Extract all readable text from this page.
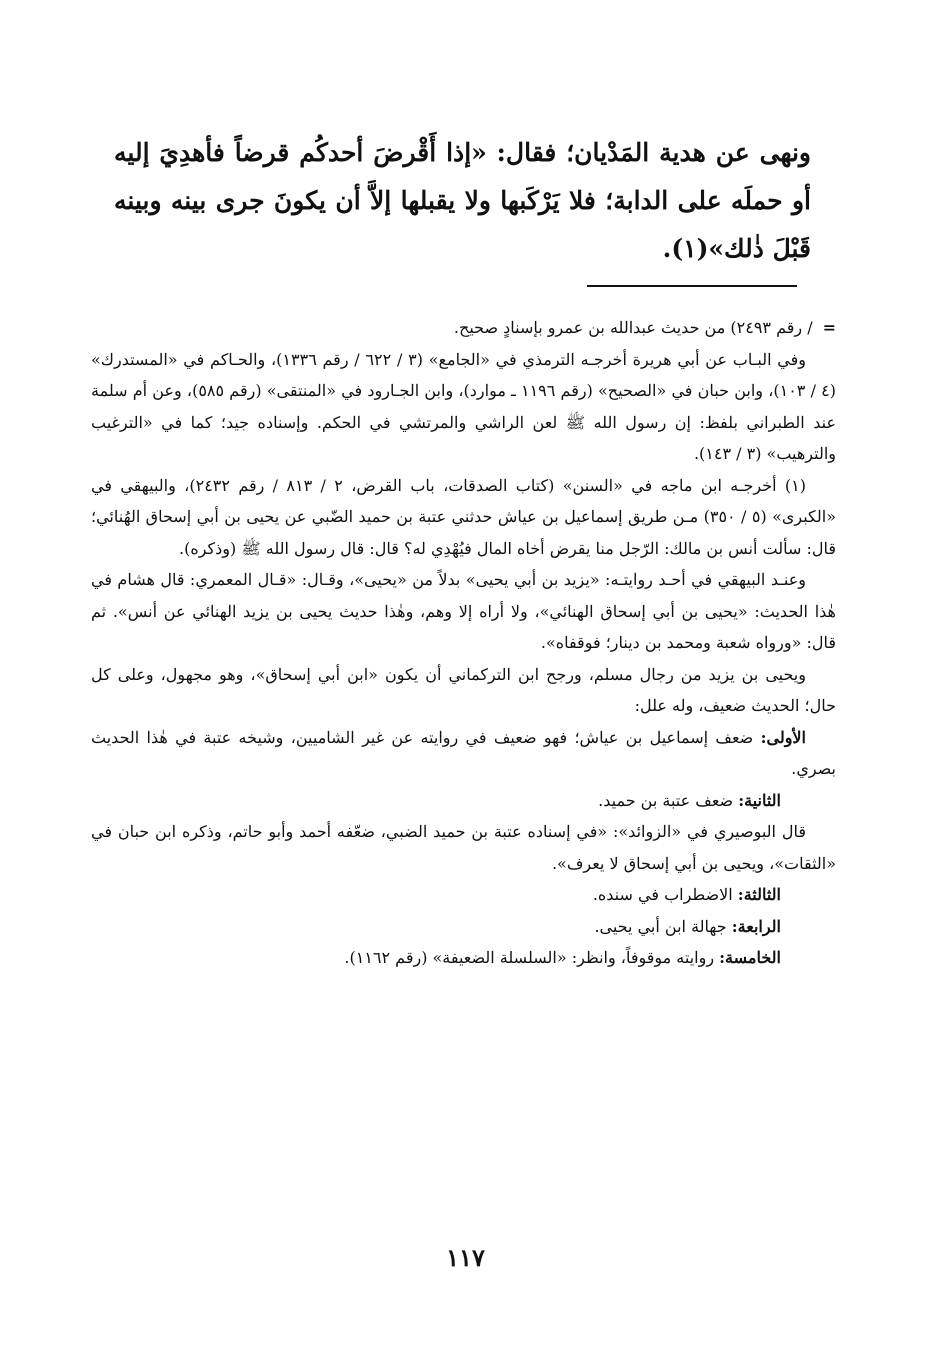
ونهى عن هدية المَدْيان؛ فقال: «إذا أَقْرضَ أحدكُم قرضاً فأهدِيَ إليه أو حملَه على الدابة؛ فلا يَرْكَبها ولا يقبلها إلاَّ أن يكونَ جرى بينه وبينه قَبْلَ ذٰلك»(١).

=/ رقم ٢٤٩٣) من حديث عبدالله بن عمرو بإسنادٍ صحيح.

وفي البـاب عن أبي هريرة أخرجـه الترمذي في «الجامع» (٣ / ٦٢٢ / رقم ١٣٣٦)، والحـاكم في «المستدرك» (٤ / ١٠٣)، وابن حبان في «الصحيح» (رقم ١١٩٦ ـ موارد)، وابن الجـارود في «المنتقى» (رقم ٥٨٥)، وعن أم سلمة عند الطبراني بلفظ: إن رسول الله ﷺ لعن الراشي والمرتشي في الحكم. وإسناده جيد؛ كما في «الترغيب والترهيب» (٣ / ١٤٣).

(١) أخرجـه ابن ماجه في «السنن» (كتاب الصدقات، باب القرض، ٢ / ٨١٣ / رقم ٢٤٣٢)، والبيهقي في «الكبرى» (٥ / ٣٥٠) مـن طريق إسماعيل بن عياش حدثني عتبة بن حميد الضّبي عن يحيى بن أبي إسحاق الهُنائي؛ قال: سألت أنس بن مالك: الرّجل منا يقرض أخاه المال فيُهْدِي له؟ قال: قال رسول الله ﷺ (وذكره).

وعنـد البيهقي في أحـد روايتـه: «يزيد بن أبي يحيى» بدلاً من «يحيى»، وقـال: «قـال المعمري: قال هشام في هٰذا الحديث: «يحيى بن أبي إسحاق الهنائي»، ولا أراه إلا وهم، وهٰذا حديث يحيى بن يزيد الهنائي عن أنس». ثم قال: «ورواه شعبة ومحمد بن دينار؛ فوقفاه».

ويحيى بن يزيد من رجال مسلم، ورجح ابن التركماني أن يكون «ابن أبي إسحاق»، وهو مجهول، وعلى كل حال؛ الحديث ضعيف، وله علل:

الأولى: ضعف إسماعيل بن عياش؛ فهو ضعيف في روايته عن غير الشاميين، وشيخه عتبة في هٰذا الحديث بصري.

الثانية: ضعف عتبة بن حميد.

قال البوصيري في «الزوائد»: «في إسناده عتبة بن حميد الضبي، ضعّفه أحمد وأبو حاتم، وذكره ابن حبان في «الثقات»، ويحيى بن أبي إسحاق لا يعرف».

الثالثة: الاضطراب في سنده.

الرابعة: جهالة ابن أبي يحيى.

الخامسة: روايته موقوفاً، وانظر: «السلسلة الضعيفة» (رقم ١١٦٢).

١١٧
